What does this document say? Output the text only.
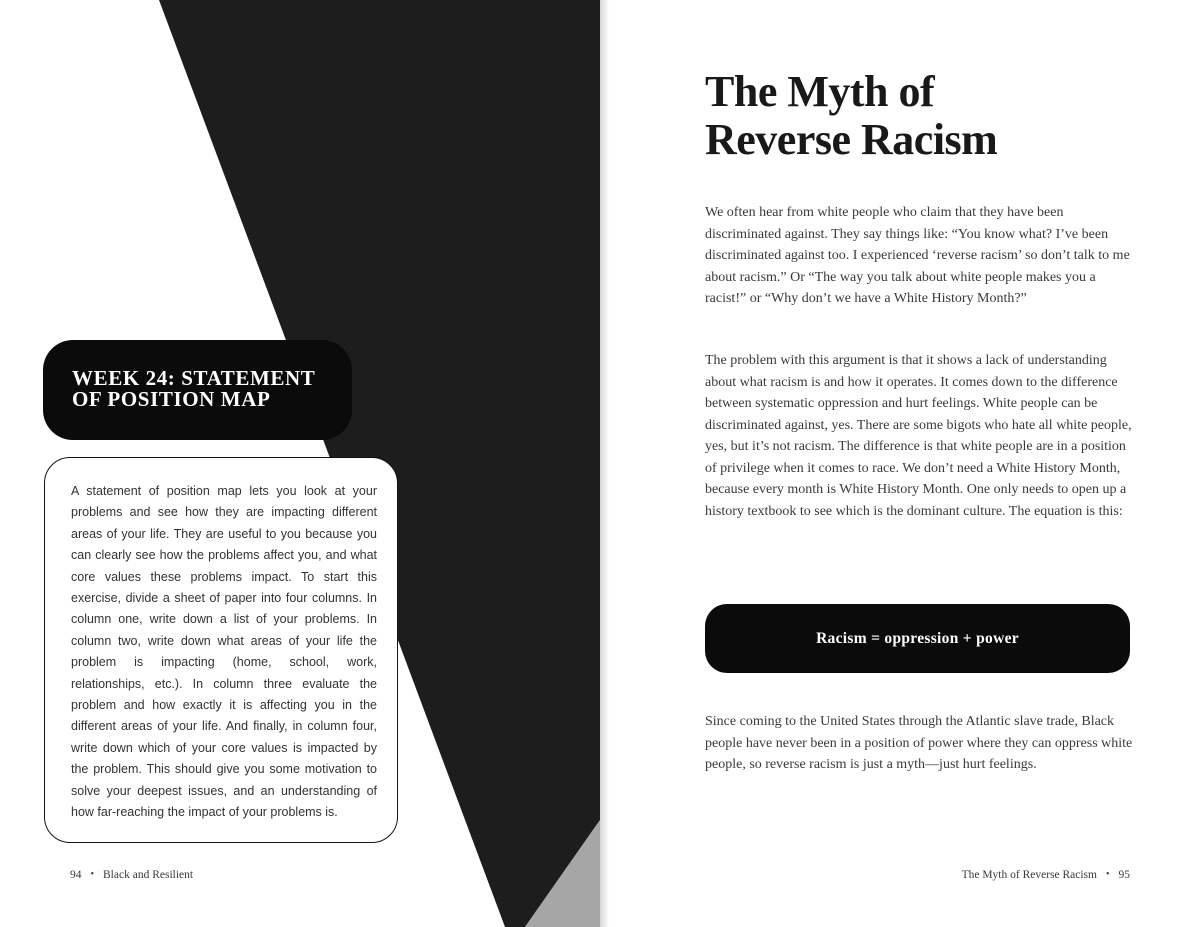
WEEK 24: STATEMENT OF POSITION MAP

A statement of position map lets you look at your problems and see how they are impacting different areas of your life. They are useful to you because you can clearly see how the problems affect you, and what core values these problems impact. To start this exercise, divide a sheet of paper into four columns. In column one, write down a list of your problems. In column two, write down what areas of your life the problem is impacting (home, school, work, relationships, etc.). In column three evaluate the problem and how exactly it is affecting you in the different areas of your life. And finally, in column four, write down which of your core values is impacted by the problem. This should give you some motivation to solve your deepest issues, and an understanding of how far-reaching the impact of your problems is.

94 • Black and Resilient
The Myth of Reverse Racism

We often hear from white people who claim that they have been discriminated against. They say things like: “You know what? I’ve been discriminated against too. I experienced ‘reverse racism’ so don’t talk to me about racism.” Or “The way you talk about white people makes you a racist!” or “Why don’t we have a White History Month?”

The problem with this argument is that it shows a lack of understanding about what racism is and how it operates. It comes down to the difference between systematic oppression and hurt feelings. White people can be discriminated against, yes. There are some bigots who hate all white people, yes, but it’s not racism. The difference is that white people are in a position of privilege when it comes to race. We don’t need a White History Month, because every month is White History Month. One only needs to open up a history textbook to see which is the dominant culture. The equation is this:

Racism = oppression + power

Since coming to the United States through the Atlantic slave trade, Black people have never been in a position of power where they can oppress white people, so reverse racism is just a myth—just hurt feelings.

The Myth of Reverse Racism • 95
